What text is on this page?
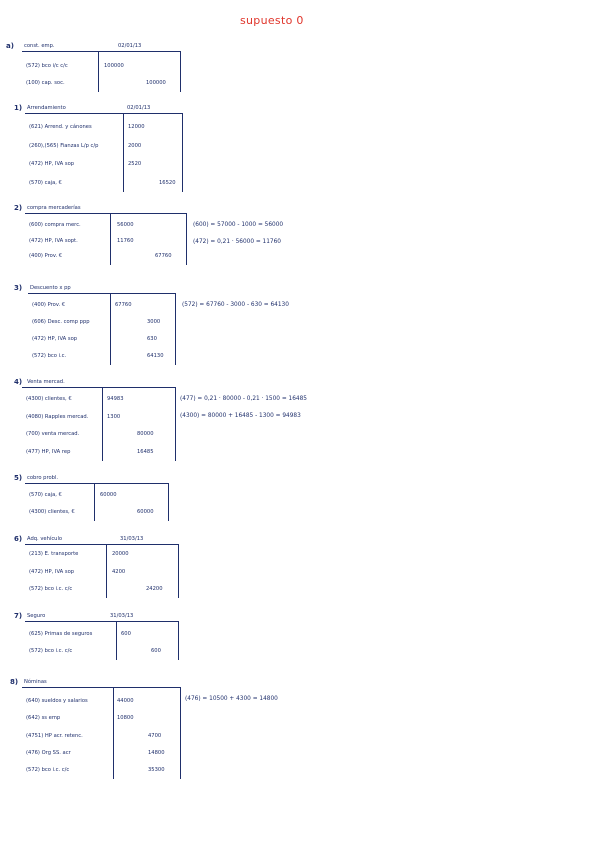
supuesto 0
a) const. emp.	02/01/13
(572) bco i/c c/c	100000
(100) cap. soc.	100000
1) Arrendamiento	02/01/13
(621) Arrend. y cánones	12000
(260),(565) Fianzas L/p c/p	2000
(472) HP, IVA sop	2520
(570) caja, €	16520
2) compra mercaderías
(600) compra merc.	56000
(472) HP, IVA sopt.	11760
(400) Prov. €	67760
(600) = 57000 - 1000 = 56000
(472) = 0,21 · 56000 = 11760
3) Descuento x pp
(400) Prov. €	67760
(606) Desc. comp ppp	3000
(472) HP, IVA sop	630
(572) bco i.c.	64130
(572) = 67760 - 3000 - 630 = 64130
4) Venta mercad.
(4300) clientes, €	94983
(4080) Rapples mercad.	1300
(700) venta mercad.	80000
(477) HP, IVA rep	16485
(477) = 0,21 · 80000 - 0,21 · 1500 = 16485
(4300) = 80000 + 16485 - 1300 = 94983
5) cobro probl.
(570) caja, €	60000
(4300) clientes, €	60000
6) Adq. vehículo	31/03/13
(213) E. transporte	20000
(472) HP, IVA sop	4200
(572) bco i.c. c/c	24200
7) Seguro	31/03/13
(625) Primas de seguros	600
(572) bco i.c. c/c	600
8) Nóminas
(640) sueldos y salarios	44000
(642) ss emp	10800
(4751) HP acr. retenc.	4700
(476) Org SS. acr	14800
(572) bco i.c. c/c	35300
(476) = 10500 + 4300 = 14800
